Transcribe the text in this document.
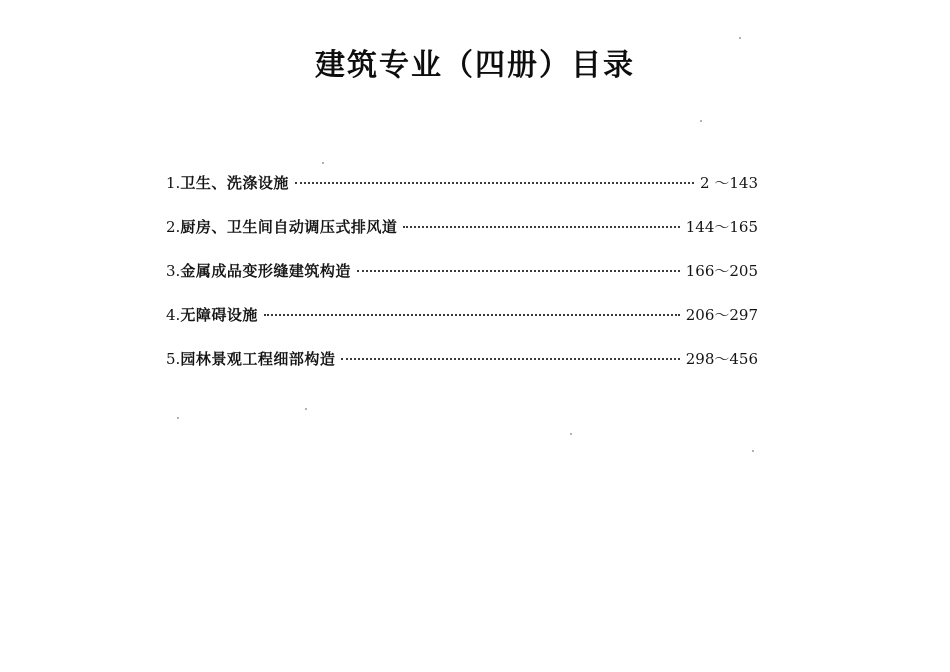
建筑专业（四册）目录
1. 卫生、洗涤设施	2 ～143
2. 厨房、卫生间自动调压式排风道	144～165
3. 金属成品变形缝建筑构造	166～205
4. 无障碍设施	206～297
5. 园林景观工程细部构造	298～456
